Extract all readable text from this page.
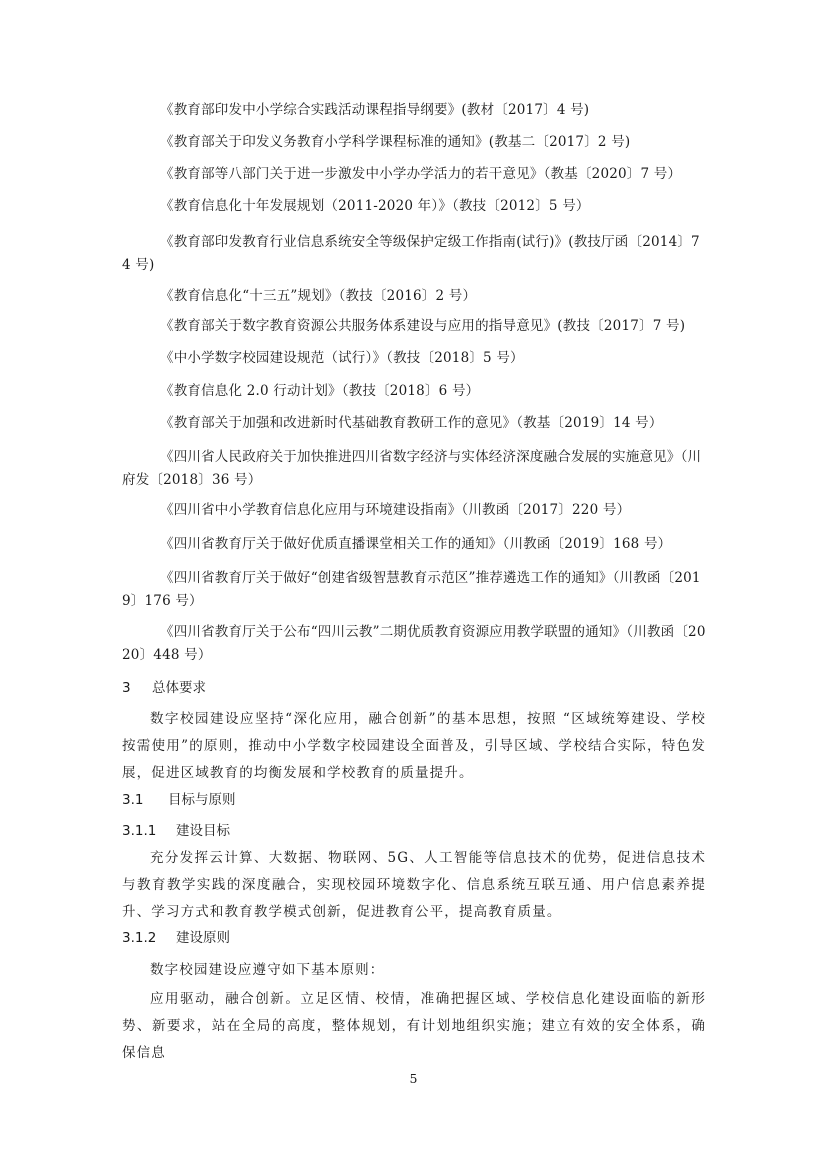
《教育部印发中小学综合实践活动课程指导纲要》(教材〔2017〕4 号)
《教育部关于印发义务教育小学科学课程标准的通知》(教基二〔2017〕2 号)
《教育部等八部门关于进一步激发中小学办学活力的若干意见》（教基〔2020〕7 号）
《教育信息化十年发展规划（2011-2020 年）》（教技〔2012〕5 号）
《教育部印发教育行业信息系统安全等级保护定级工作指南(试行)》(教技厅函〔2014〕74 号)
《教育信息化“十三五”规划》（教技〔2016〕2 号）
《教育部关于数字教育资源公共服务体系建设与应用的指导意见》(教技〔2017〕7 号)
《中小学数字校园建设规范（试行）》（教技〔2018〕5 号）
《教育信息化 2.0 行动计划》（教技〔2018〕6 号）
《教育部关于加强和改进新时代基础教育教研工作的意见》（教基〔2019〕14 号）
《四川省人民政府关于加快推进四川省数字经济与实体经济深度融合发展的实施意见》（川府发〔2018〕36 号）
《四川省中小学教育信息化应用与环境建设指南》（川教函〔2017〕220 号）
《四川省教育厅关于做好优质直播课堂相关工作的通知》（川教函〔2019〕168 号）
《四川省教育厅关于做好“创建省级智慧教育示范区”推荐遴选工作的通知》（川教函〔2019〕176 号）
《四川省教育厅关于公布“四川云教”二期优质教育资源应用教学联盟的通知》（川教函〔2020〕448 号）
3 总体要求
数字校园建设应坚持“深化应用，融合创新”的基本思想，按照 “区域统筹建设、学校按需使用”的原则，推动中小学数字校园建设全面普及，引导区域、学校结合实际，特色发展，促进区域教育的均衡发展和学校教育的质量提升。
3.1 目标与原则
3.1.1 建设目标
充分发挥云计算、大数据、物联网、5G、人工智能等信息技术的优势，促进信息技术与教育教学实践的深度融合，实现校园环境数字化、信息系统互联互通、用户信息素养提升、学习方式和教育教学模式创新，促进教育公平，提高教育质量。
3.1.2 建设原则
数字校园建设应遵守如下基本原则：
应用驱动，融合创新。立足区情、校情，准确把握区域、学校信息化建设面临的新形势、新要求，站在全局的高度，整体规划，有计划地组织实施；建立有效的安全体系，确保信息
5
